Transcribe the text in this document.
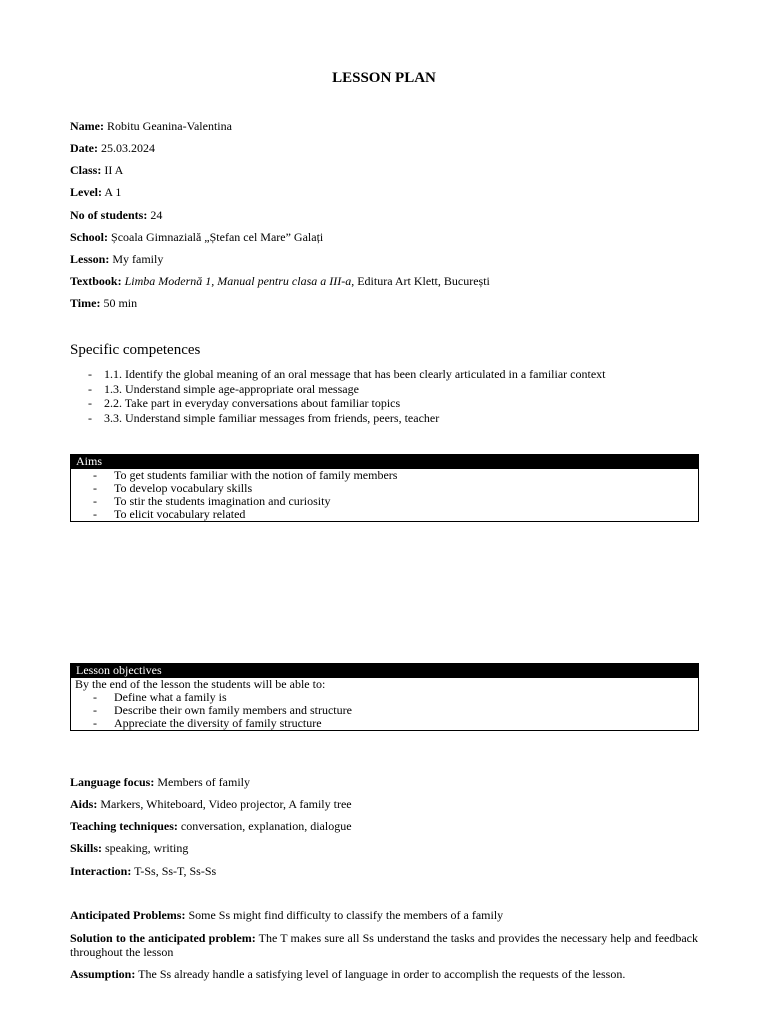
LESSON PLAN
Name: Robitu Geanina-Valentina
Date: 25.03.2024
Class: II A
Level: A 1
No of students: 24
School: Școala Gimnazială „Ștefan cel Mare” Galați
Lesson: My family
Textbook: Limba Modernă 1, Manual pentru clasa a III-a, Editura Art Klett, București
Time: 50 min
Specific competences
- 1.1. Identify the global meaning of an oral message that has been clearly articulated in a familiar context
- 1.3. Understand simple age-appropriate oral message
- 2.2. Take part in everyday conversations about familiar topics
- 3.3. Understand simple familiar messages from friends, peers, teacher
Aims
- To get students familiar with the notion of family members
- To develop vocabulary skills
- To stir the students imagination and curiosity
- To elicit vocabulary related
Lesson objectives
By the end of the lesson the students will be able to:
- Define what a family is
- Describe their own family members and structure
- Appreciate the diversity of family structure
Language focus: Members of family
Aids: Markers, Whiteboard, Video projector, A family tree
Teaching techniques: conversation, explanation, dialogue
Skills: speaking, writing
Interaction: T-Ss, Ss-T, Ss-Ss
Anticipated Problems: Some Ss might find difficulty to classify the members of a family
Solution to the anticipated problem: The T makes sure all Ss understand the tasks and provides the necessary help and feedback throughout the lesson
Assumption: The Ss already handle a satisfying level of language in order to accomplish the requests of the lesson.
